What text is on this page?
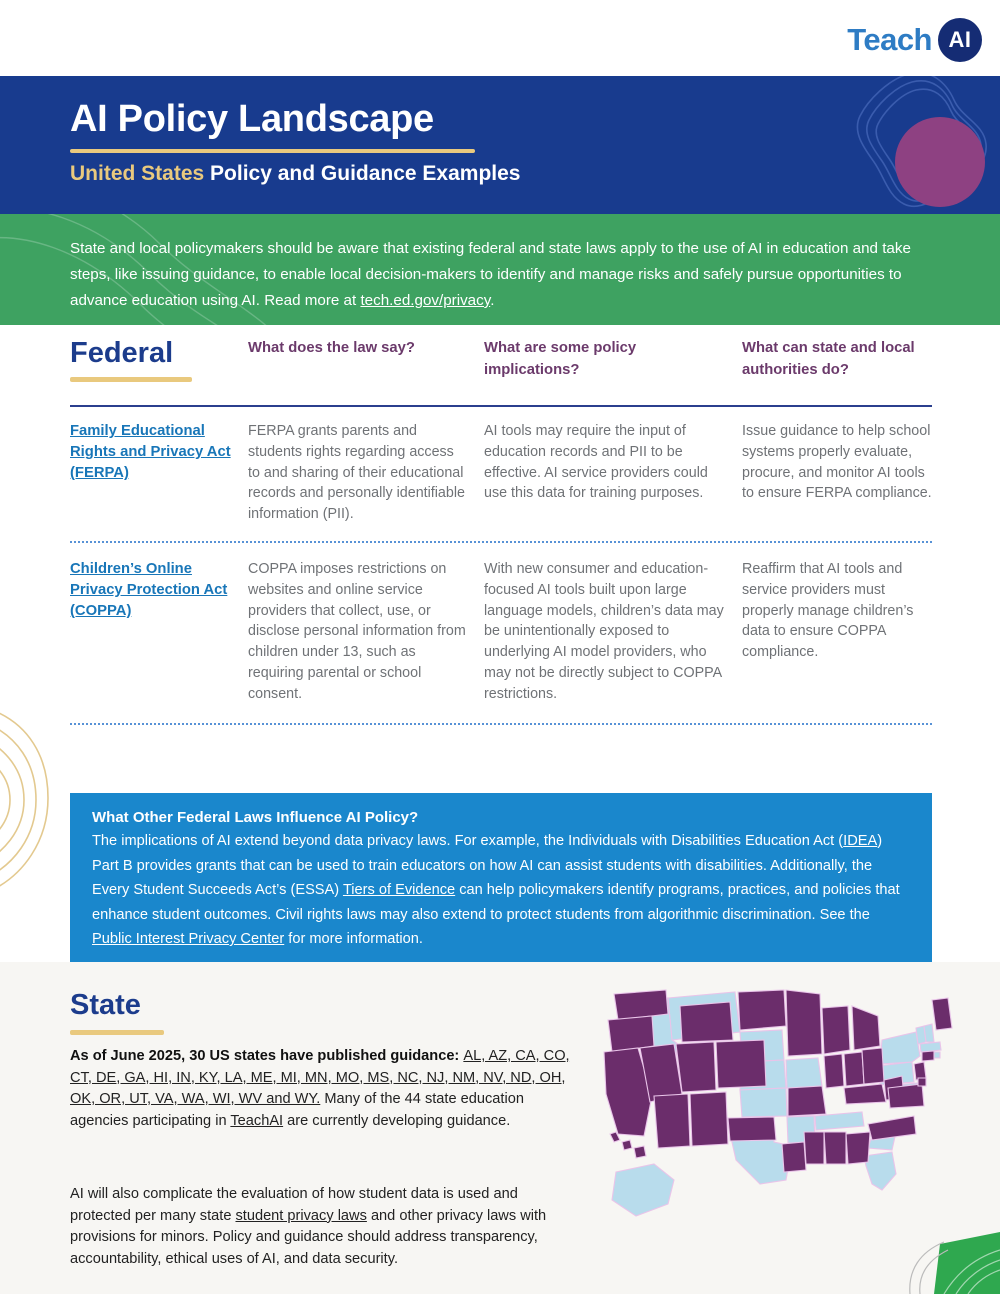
Teach AI
AI Policy Landscape
United States Policy and Guidance Examples

State and local policymakers should be aware that existing federal and state laws apply to the use of AI in education and take steps, like issuing guidance, to enable local decision-makers to identify and manage risks and safely pursue opportunities to advance education using AI. Read more at tech.ed.gov/privacy.

Federal	What does the law say?	What are some policy implications?
What can state and local authorities do?
Family Educational Rights and Privacy Act (FERPA)
FERPA grants parents and students rights regarding access to and sharing of their educational records and personally identifiable information (PII).
AI tools may require the input of education records and PII to be effective. AI service providers could use this data for training purposes.
Issue guidance to help school systems properly evaluate, procure, and monitor AI tools to ensure FERPA compliance.
Children’s Online Privacy Protection Act (COPPA)
COPPA imposes restrictions on websites and online service providers that collect, use, or disclose personal information from children under 13, such as requiring parental or school consent.
With new consumer and education-focused AI tools built upon large language models, children’s data may be unintentionally exposed to underlying AI model providers, who may not be directly subject to COPPA restrictions.
Reaffirm that AI tools and service providers must properly manage children’s data to ensure COPPA compliance.
What Other Federal Laws Influence AI Policy?

The implications of AI extend beyond data privacy laws. For example, the Individuals with Disabilities Education Act (IDEA) Part B provides grants that can be used to train educators on how AI can assist students with disabilities. Additionally, the Every Student Succeeds Act’s (ESSA) Tiers of Evidence can help policymakers identify programs, practices, and policies that enhance student outcomes. Civil rights laws may also extend to protect students from algorithmic discrimination. See the Public Interest Privacy Center for more information.

State

As of June 2025, 30 US states have published guidance: AL, AZ, CA, CO, CT, DE, GA, HI, IN, KY, LA, ME, MI, MN, MO, MS, NC, NJ, NM, NV, ND, OH, OK, OR, UT, VA, WA, WI, WV and WY. Many of the 44 state education agencies participating in TeachAI are currently developing guidance.

AI will also complicate the evaluation of how student data is used and protected per many state student privacy laws and other privacy laws with provisions for minors. Policy and guidance should address transparency, accountability, ethical uses of AI, and data security.
